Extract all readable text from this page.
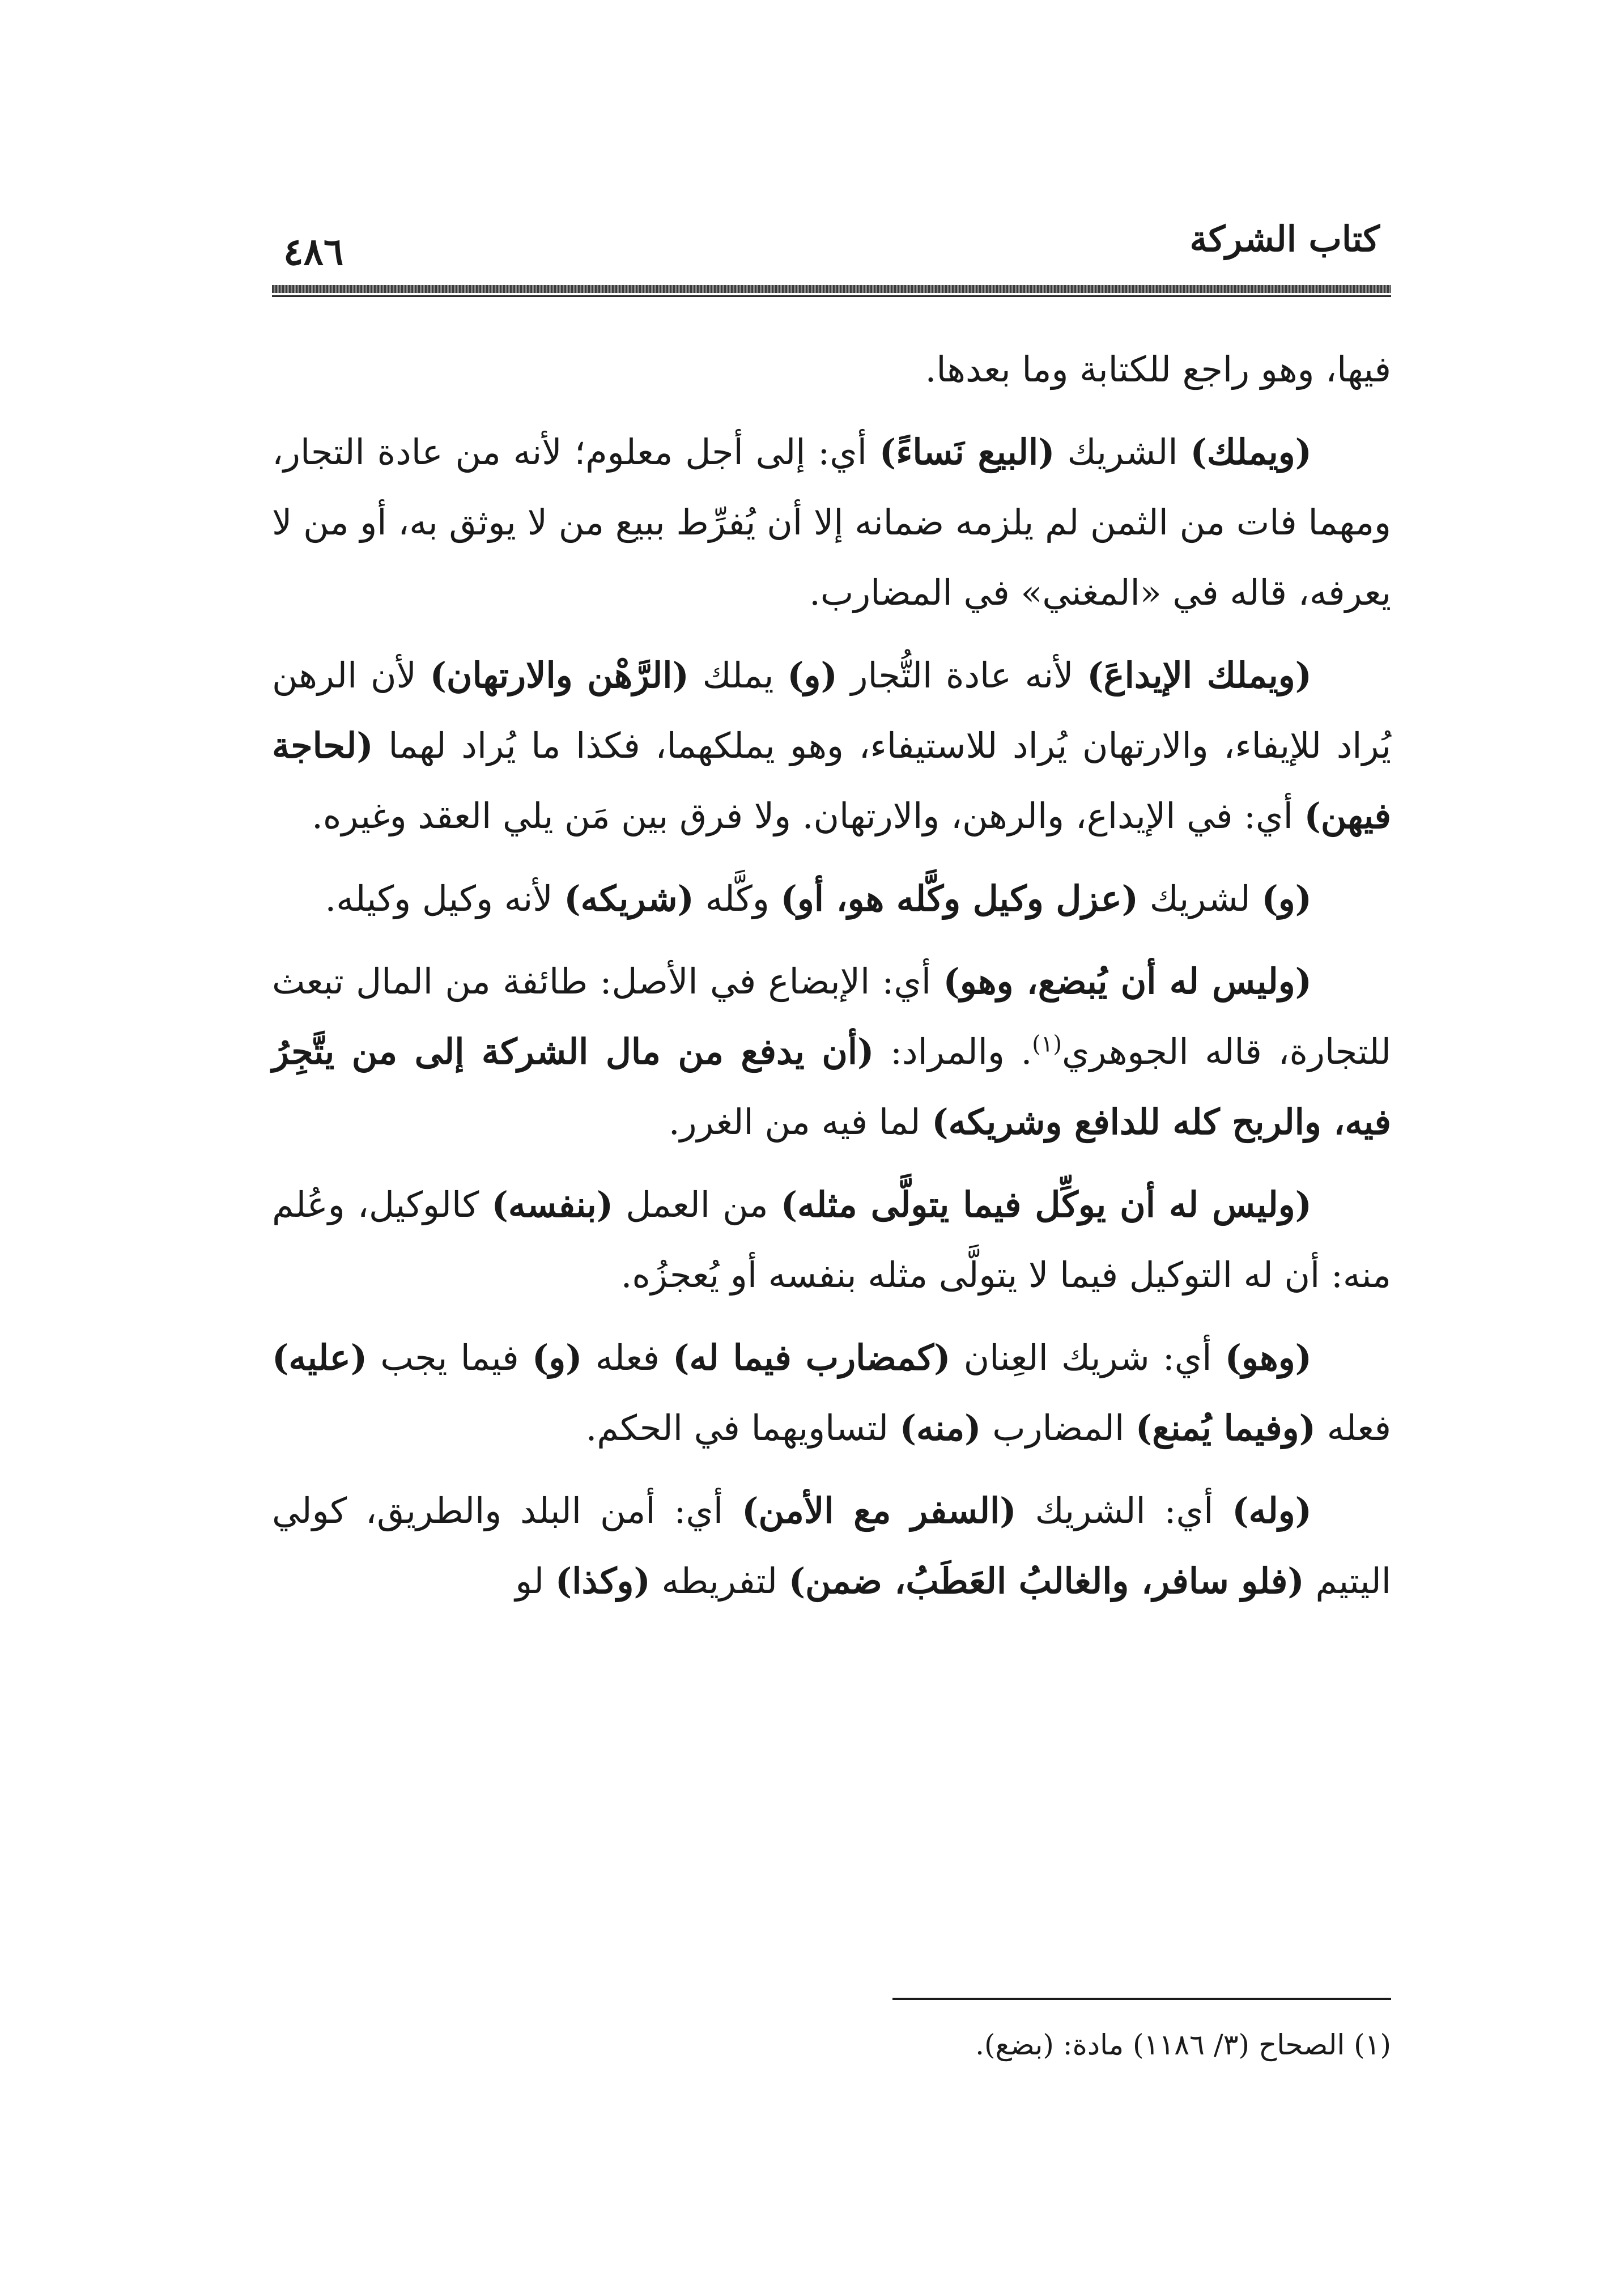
٤٨٦	كتاب الشركة

فيها، وهو راجع للكتابة وما بعدها.

(ويملك) الشريك (البيع نَساءً) أي: إلى أجل معلوم؛ لأنه من عادة التجار، ومهما فات من الثمن لم يلزمه ضمانه إلا أن يُفرِّط ببيع من لا يوثق به، أو من لا يعرفه، قاله في «المغني» في المضارب.

(ويملك الإيداعَ) لأنه عادة التُّجار (و) يملك (الرَّهْن والارتهان) لأن الرهن يُراد للإيفاء، والارتهان يُراد للاستيفاء، وهو يملكهما، فكذا ما يُراد لهما (لحاجة فيهن) أي: في الإيداع، والرهن، والارتهان. ولا فرق بين مَن يلي العقد وغيره.

(و) لشريك (عزل وكيل وكَّله هو، أو) وكَّله (شريكه) لأنه وكيل وكيله.

(وليس له أن يُبضع، وهو) أي: الإبضاع في الأصل: طائفة من المال تبعث للتجارة، قاله الجوهري$^{(١)}$. والمراد: (أن يدفع من مال الشركة إلى من يتَّجِرُ فيه، والربح كله للدافع وشريكه) لما فيه من الغرر.

(وليس له أن يوكِّل فيما يتولَّى مثله) من العمل (بنفسه) كالوكيل، وعُلم منه: أن له التوكيل فيما لا يتولَّى مثله بنفسه أو يُعجزُه.

(وهو) أي: شريك العِنان (كمضارب فيما له) فعله (و) فيما يجب (عليه) فعله (وفيما يُمنع) المضارب (منه) لتساويهما في الحكم.

(وله) أي: الشريك (السفر مع الأمن) أي: أمن البلد والطريق، كولي اليتيم (فلو سافر، والغالبُ العَطَبُ، ضمن) لتفريطه (وكذا) لو

(١) الصحاح (٣/ ١١٨٦) مادة: (بضع).
